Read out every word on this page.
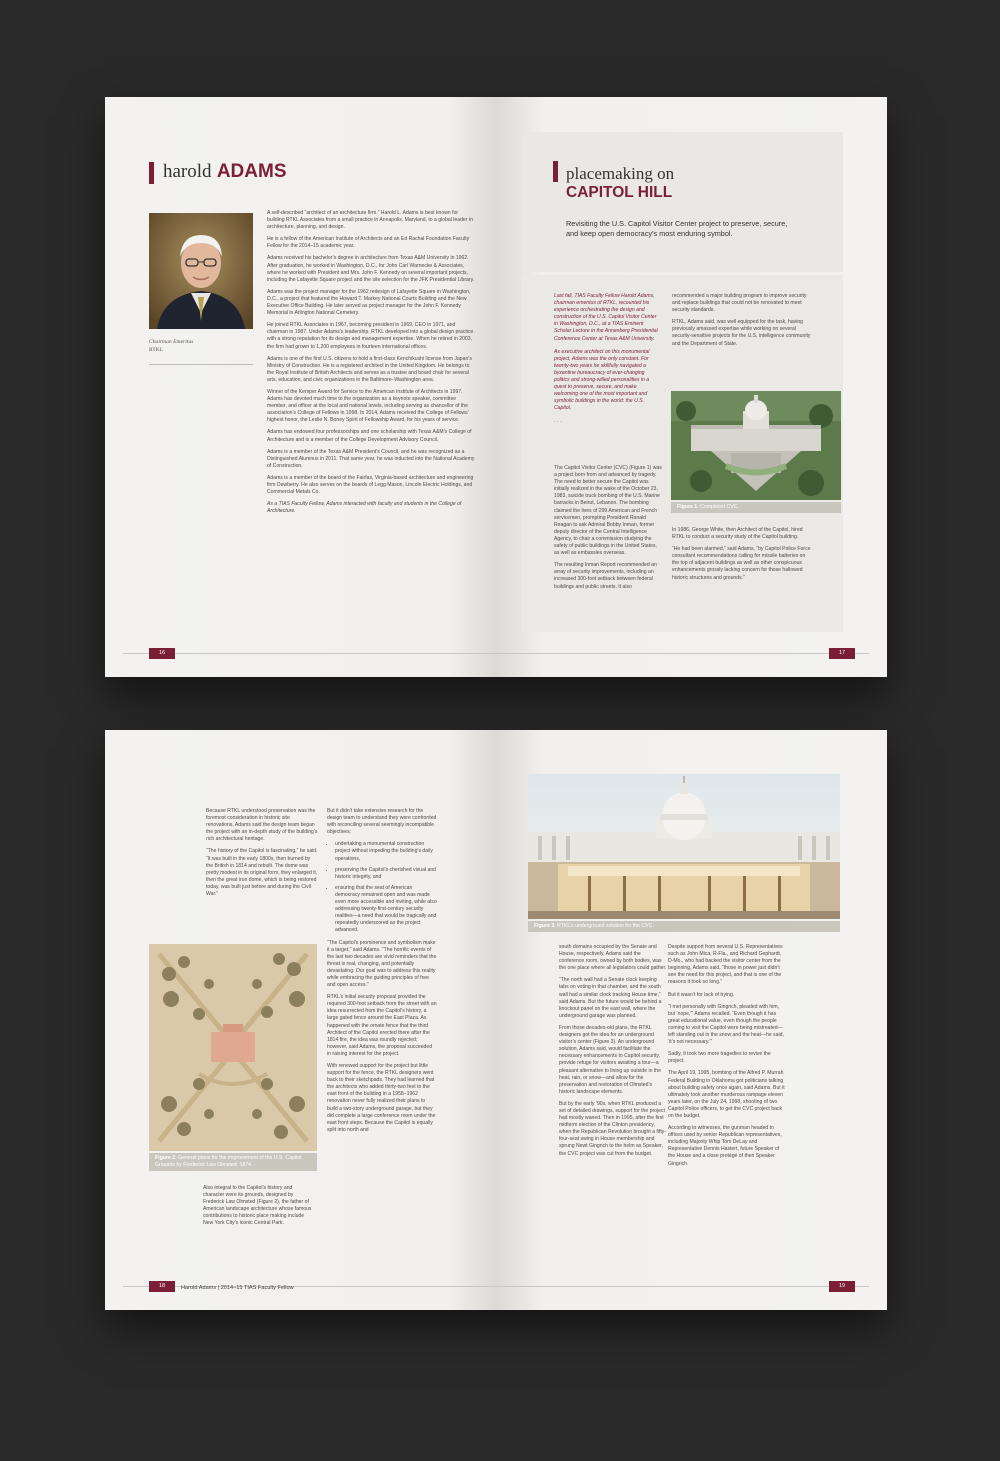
harold ADAMS
Chairman Emeritus
RTKL

A self-described “architect of an architecture firm,” Harold L. Adams is best known for building RTKL Associates from a small practice in Annapolis, Maryland, to a global leader in architecture, planning, and design.

He is a fellow of the American Institute of Architects and an Ed Rachal Foundation Faculty Fellow for the 2014–15 academic year.

Adams received his bachelor’s degree in architecture from Texas A&M University in 1962. After graduation, he worked in Washington, D.C., for John Carl Warnecke & Associates, where he worked with President and Mrs. John F. Kennedy on several important projects, including the Lafayette Square project and the site selection for the JFK Presidential Library.

Adams was the project manager for the 1962 redesign of Lafayette Square in Washington, D.C., a project that featured the Howard T. Markey National Courts Building and the New Executive Office Building. He later served as project manager for the John F. Kennedy Memorial in Arlington National Cemetery.

He joined RTKL Associates in 1967, becoming president in 1969, CEO in 1971, and chairman in 1987. Under Adams’s leadership, RTKL developed into a global design practice with a strong reputation for its design and management expertise. When he retired in 2003, the firm had grown to 1,200 employees in fourteen international offices.

Adams is one of the first U.S. citizens to hold a first-class Kenchikushi license from Japan’s Ministry of Construction. He is a registered architect in the United Kingdom. He belongs to the Royal Institute of British Architects and serves as a trustee and board chair for several arts, education, and civic organizations in the Baltimore–Washington area.

Winner of the Kemper Award for Service to the American Institute of Architects in 1997, Adams has devoted much time to the organization as a keynote speaker, committee member, and officer at the local and national levels, including serving as chancellor of the association’s College of Fellows in 1998. In 2014, Adams received the College of Fellows’ highest honor, the Leslie N. Boney Spirit of Fellowship Award, for his years of service.

Adams has endowed four professorships and one scholarship with Texas A&M’s College of Architecture and is a member of the College Development Advisory Council.

Adams is a member of the Texas A&M President’s Council, and he was recognized as a Distinguished Alumnus in 2011. That same year, he was inducted into the National Academy of Construction.

Adams is a member of the board of the Fairfax, Virginia-based architecture and engineering firm Dewberry. He also serves on the boards of Legg Mason, Lincoln Electric Holdings, and Commercial Metals Co.

As a TIAS Faculty Fellow, Adams interacted with faculty and students in the College of Architecture.

16
placemaking on
CAPITOL HILL
Revisiting the U.S. Capitol Visitor Center project to preserve, secure, and keep open democracy’s most enduring symbol.

Last fall, TIAS Faculty Fellow Harold Adams, chairman emeritus of RTKL, recounted his experience orchestrating the design and construction of the U.S. Capitol Visitor Center in Washington, D.C., at a TIAS Eminent Scholar Lecture in the Annenberg Presidential Conference Center at Texas A&M University.

As executive architect on this monumental project, Adams was the only constant. For twenty-two years he skillfully navigated a byzantine bureaucracy of ever-changing politics and strong-willed personalities in a quest to preserve, secure, and make welcoming one of the most important and symbolic buildings in the world: the U.S. Capitol.

· · ·

The Capitol Visitor Center (CVC) (Figure 1) was a project born from and advanced by tragedy. The need to better secure the Capitol was initially realized in the wake of the October 23, 1983, suicide truck bombing of the U.S. Marine barracks in Beirut, Lebanon. The bombing claimed the lives of 299 American and French servicemen, prompting President Ronald Reagan to ask Admiral Bobby Inman, former deputy director of the Central Intelligence Agency, to chair a commission studying the safety of public buildings in the United States, as well as embassies overseas.

The resulting Inman Report recommended an array of security improvements, including an increased 300-foot setback between federal buildings and public streets. It also

recommended a major building program to improve security and replace buildings that could not be renovated to meet security standards.

RTKL, Adams said, was well equipped for the task, having previously amassed expertise while working on several security-sensitive projects for the U.S. intelligence community and the Department of State.

Figure 1. Completed CVC.

In 1986, George White, then Architect of the Capitol, hired RTKL to conduct a security study of the Capitol building.

“He had been alarmed,” said Adams, “by Capitol Police Force consultant recommendations calling for missile batteries on the top of adjacent buildings as well as other conspicuous enhancements grossly lacking concern for those hallowed historic structures and grounds.”

17

Because RTKL understood preservation was the foremost consideration in historic site renovations, Adams said the design team began the project with an in-depth study of the building’s rich architectural heritage.

“The history of the Capitol is fascinating,” he said. “It was built in the early 1800s, then burned by the British in 1814 and rebuilt. The dome was pretty modest in its original form, they enlarged it, then the great iron dome, which is being restored today, was built just before and during the Civil War.”

Figure 2. General plans for the improvement of the U.S. Capitol Grounds by Frederick Law Olmsted, 1874.

Also integral to the Capitol’s history and character were its grounds, designed by Frederick Law Olmsted (Figure 2), the father of American landscape architecture whose famous contributions to historic place making include New York City’s iconic Central Park.

But it didn’t take extensive research for the design team to understand they were confronted with reconciling several seemingly incompatible objectives:

• undertaking a monumental construction project without impeding the building’s daily operations,
• preserving the Capitol’s cherished visual and historic integrity, and
• ensuring that the seat of American democracy remained open and was made even more accessible and inviting, while also addressing twenty-first-century security realities—a need that would be tragically and repeatedly underscored as the project advanced.

“The Capitol’s prominence and symbolism make it a target,” said Adams. “The horrific events of the last two decades are vivid reminders that the threat is real, changing, and potentially devastating. Our goal was to address this reality while embracing the guiding principles of free and open access.”

RTKL’s initial security proposal provided the required 300-foot setback from the street with an idea resurrected from the Capitol’s history, a large gated fence around the East Plaza. As happened with the ornate fence that the third Architect of the Capitol erected there after the 1814 fire, the idea was roundly rejected; however, said Adams, the proposal succeeded in raising interest for the project.

With renewed support for the project but little support for the fence, the RTKL designers went back to their sketchpads. They had learned that the architects who added thirty-two feet to the east front of the building in a 1958–1962 renovation never fully realized their plans to build a two-story underground garage, but they did complete a large conference room under the east front steps. Because the Capitol is equally split into north and

18	Harold Adams | 2014–15 TIAS Faculty Fellow
Figure 3. RTKL’s underground solution for the CVC.

south domains occupied by the Senate and House, respectively, Adams said the conference room, owned by both bodies, was the one place where all legislators could gather.

“The north wall had a Senate clock keeping tabs on voting in that chamber, and the south wall had a similar clock tracking House time,” said Adams. But the future would be behind a knockout panel on the east wall, where the underground garage was planned.

From those decades-old plans, the RTKL designers got the idea for an underground visitor’s center (Figure 3). An underground solution, Adams said, would facilitate the necessary enhancements to Capitol security, provide refuge for visitors awaiting a tour—a pleasant alternative to lining up outside in the heat, rain, or snow—and allow for the preservation and restoration of Olmsted’s historic landscape elements.

But by the early ’90s, when RTKL produced a set of detailed drawings, support for the project had mostly waned. Then in 1995, after the first midterm election of the Clinton presidency, when the Republican Revolution brought a fifty-four-seat swing in House membership and sprung Newt Gingrich to the helm as Speaker, the CVC project was cut from the budget.

Despite support from several U.S. Representatives such as John Mica, R-Fla., and Richard Gephardt, D-Mo., who had backed the visitor center from the beginning, Adams said, “those in power just didn’t see the need for this project, and that is one of the reasons it took so long.”

But it wasn’t for lack of trying.

“I met personally with Gingrich, pleaded with him, but ‘nope,’” Adams recalled. “Even though it has great educational value, even though the people coming to visit the Capitol were being mistreated—left standing out in the snow and the heat—he said, ‘it’s not necessary.’”

Sadly, it took two more tragedies to revive the project.

The April 19, 1995, bombing of the Alfred P. Murrah Federal Building in Oklahoma got politicians talking about building safety once again, said Adams. But it ultimately took another murderous rampage eleven years later, on the July 24, 1998, shooting of two Capitol Police officers, to get the CVC project back on the budget.

According to witnesses, the gunman headed to offices used by senior Republican representatives, including Majority Whip Tom DeLay and Representative Dennis Hastert, future Speaker of the House and a close protégé of then Speaker Gingrich.

19
